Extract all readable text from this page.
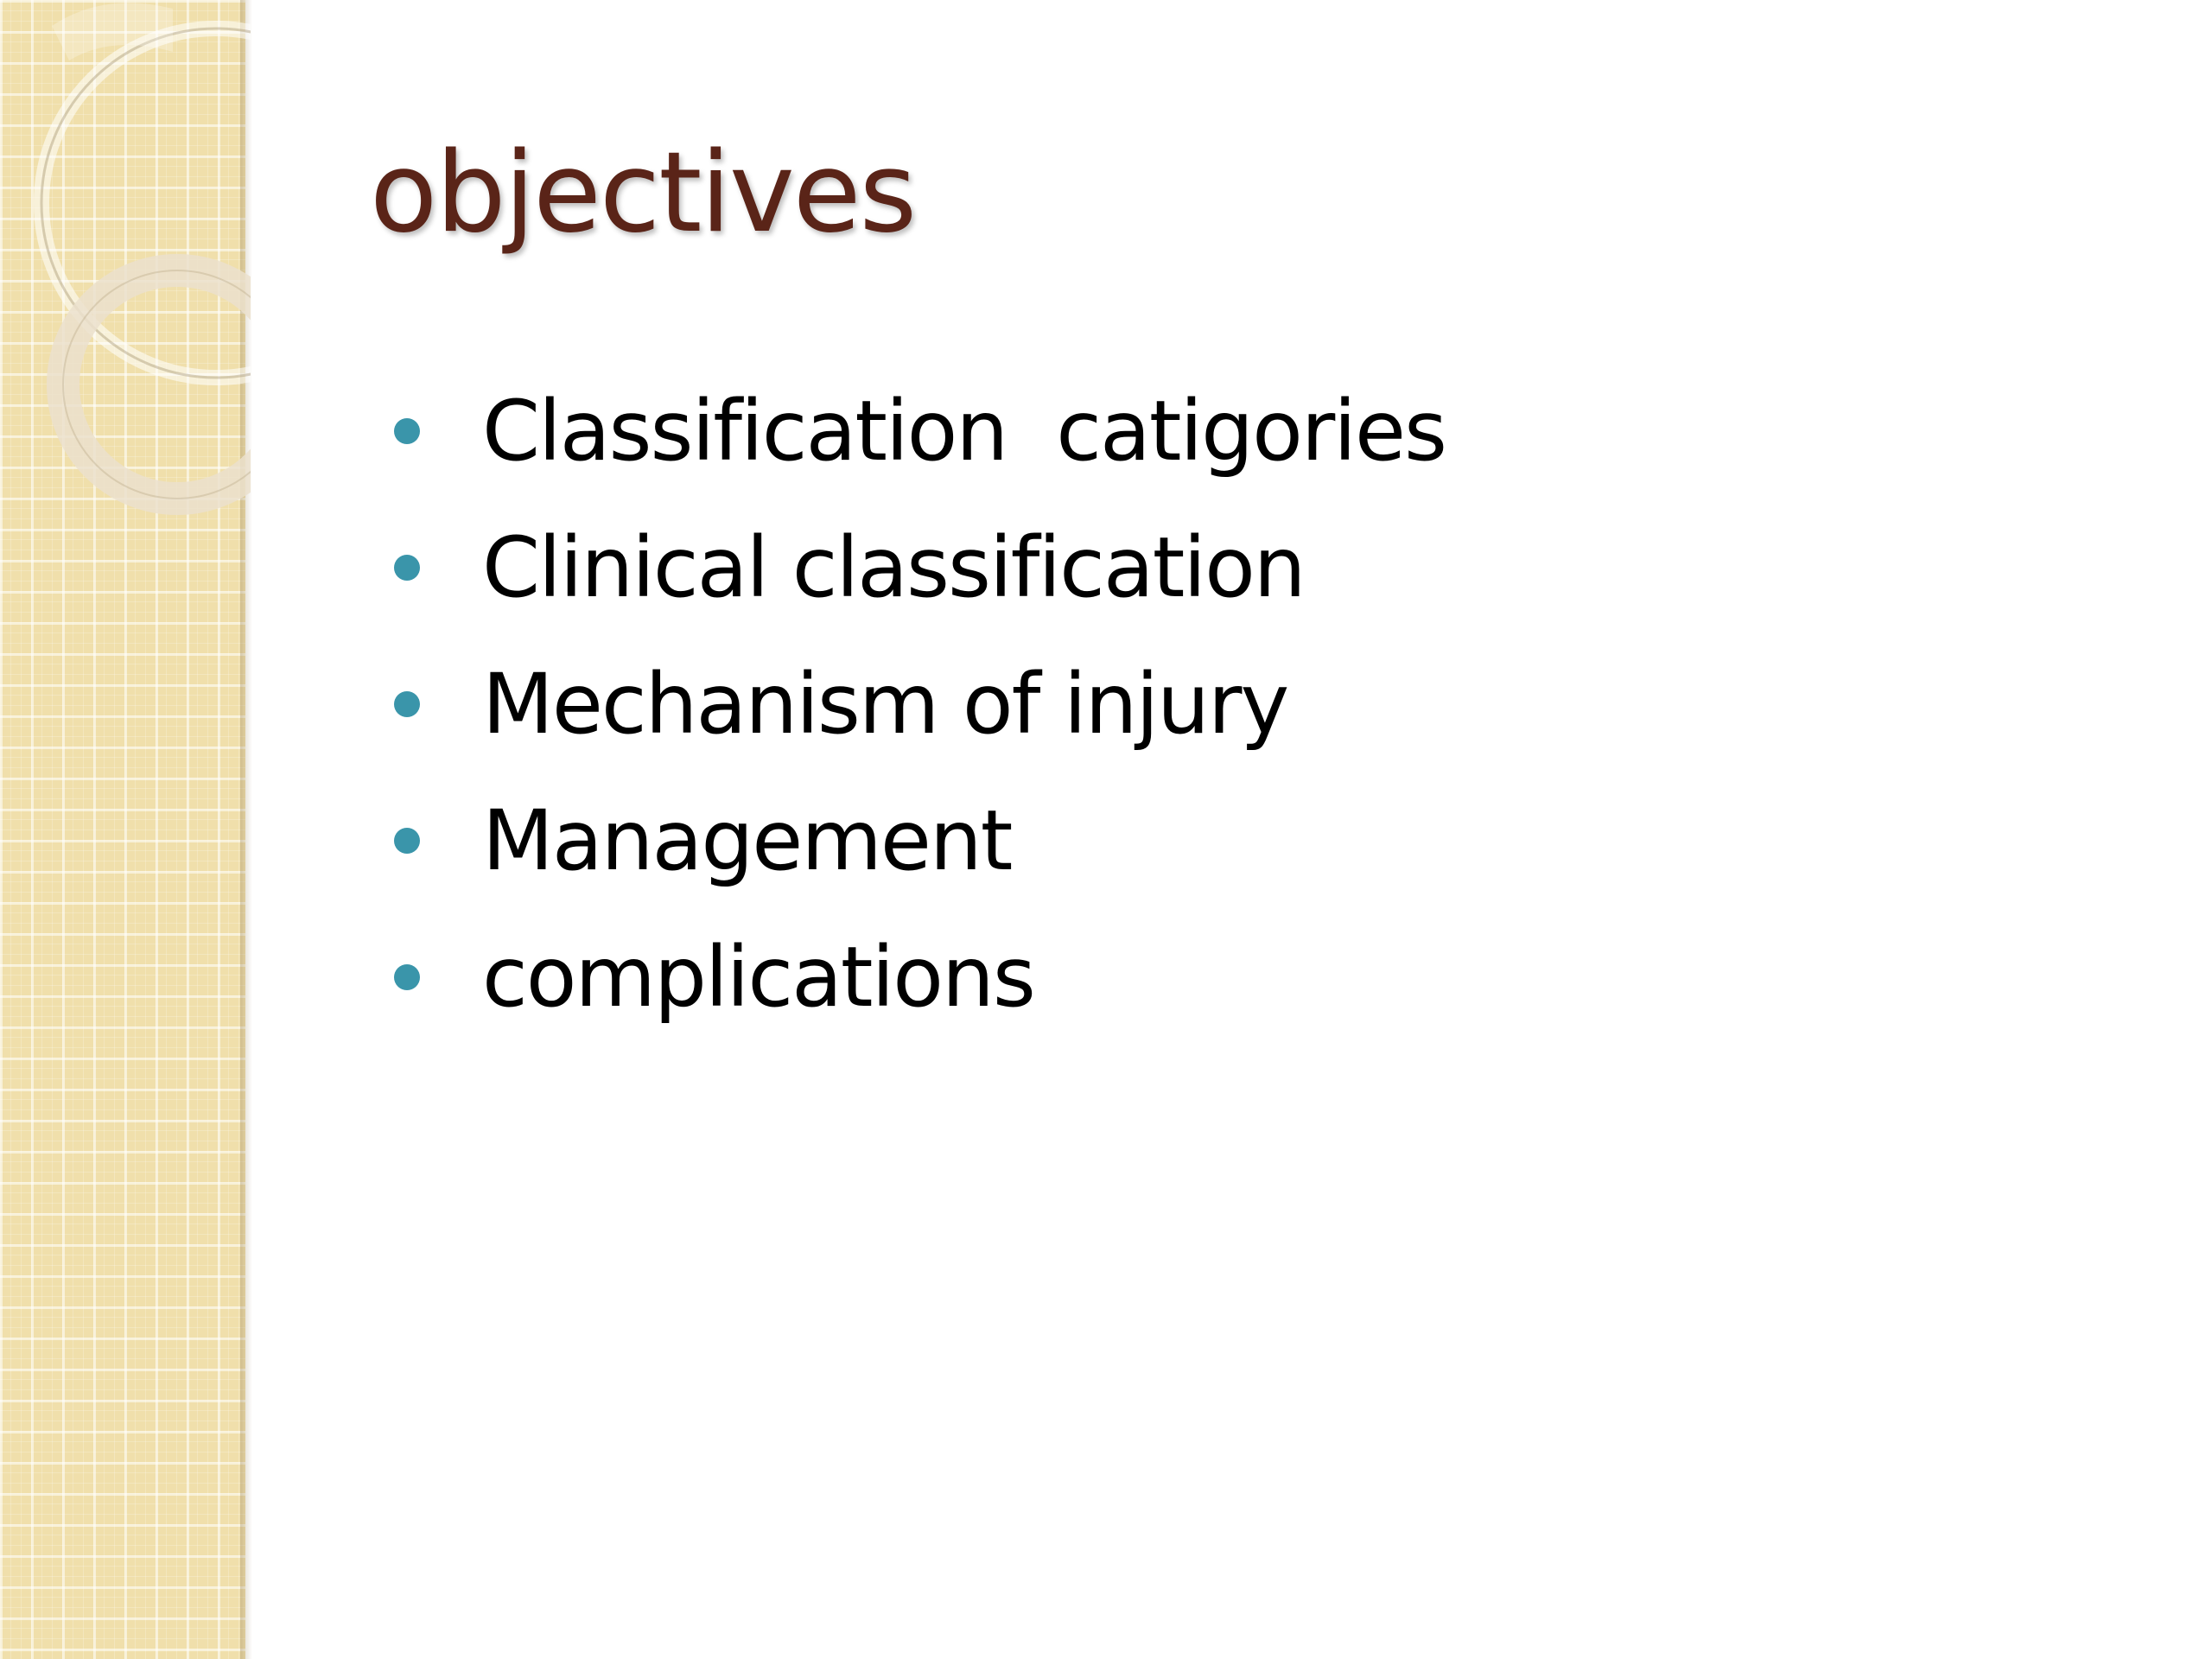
objectives
Classification  catigories
Clinical classification
Mechanism of injury
Management
complications
